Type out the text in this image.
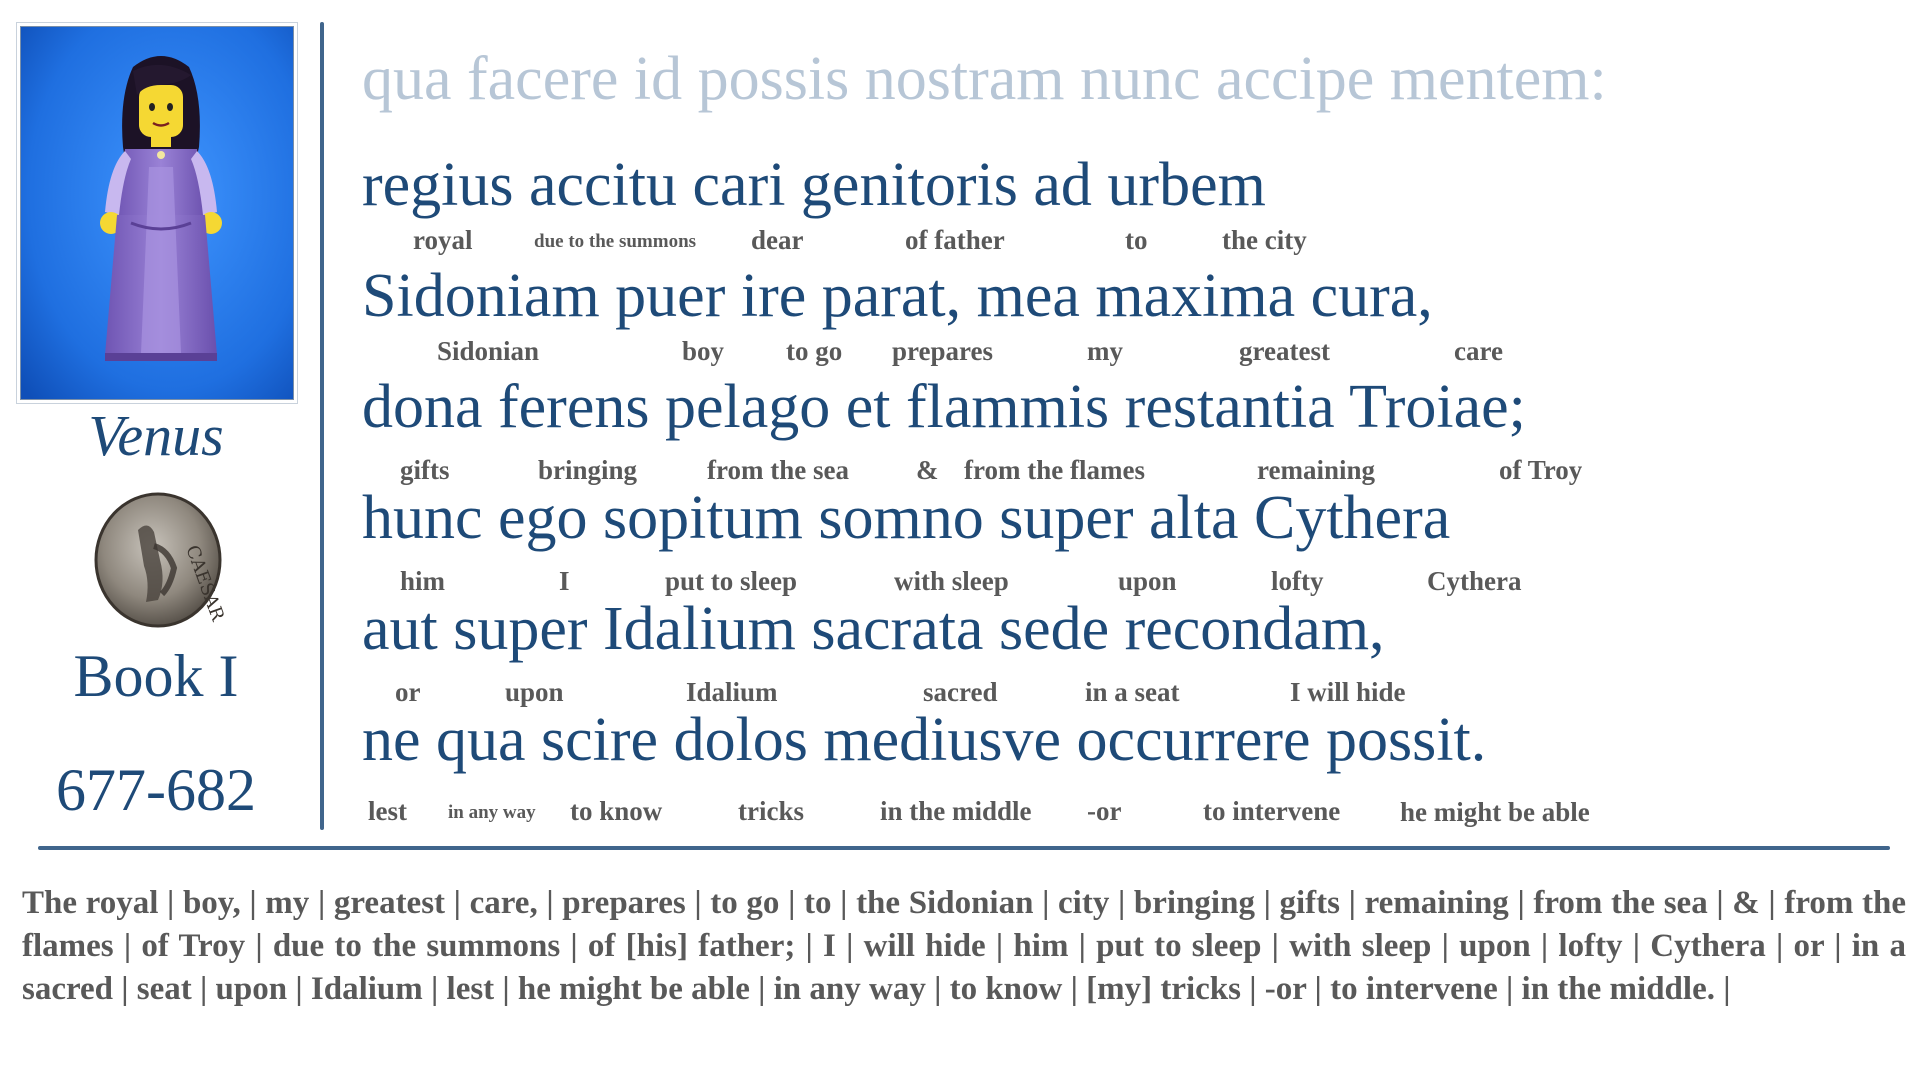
Venus
CAESAR
Book I
677-682
qua facere id possis nostram nunc accipe mentem:
regius accitu cari genitoris ad urbem
royal	due to the summons dear	of father	to	the city
Sidoniam puer ire parat, mea maxima cura,
Sidonian	boy to go prepares	my	greatest	care
dona ferens pelago et flammis restantia Troiae;
gifts	bringing	from the sea & from the flames	remaining	of Troy
hunc ego sopitum somno super alta Cythera
him	I	put to sleep	with sleep	upon	lofty	Cythera
aut super Idalium sacrata sede recondam,
or	upon	Idalium	sacred	in a seat	I will hide
ne qua scire dolos mediusve occurrere possit.
lest in any way to know	tricks	in the middle -or	to intervene he might be able
The royal | boy, | my | greatest | care, | prepares | to go | to | the Sidonian | city | bringing | gifts | remaining | from the sea | & | from the flames | of Troy | due to the summons | of [his] father; | I | will hide | him | put to sleep | with sleep | upon | lofty | Cythera | or | in a sacred | seat | upon | Idalium | lest | he might be able | in any way | to know | [my] tricks | -or | to intervene | in the middle. |
